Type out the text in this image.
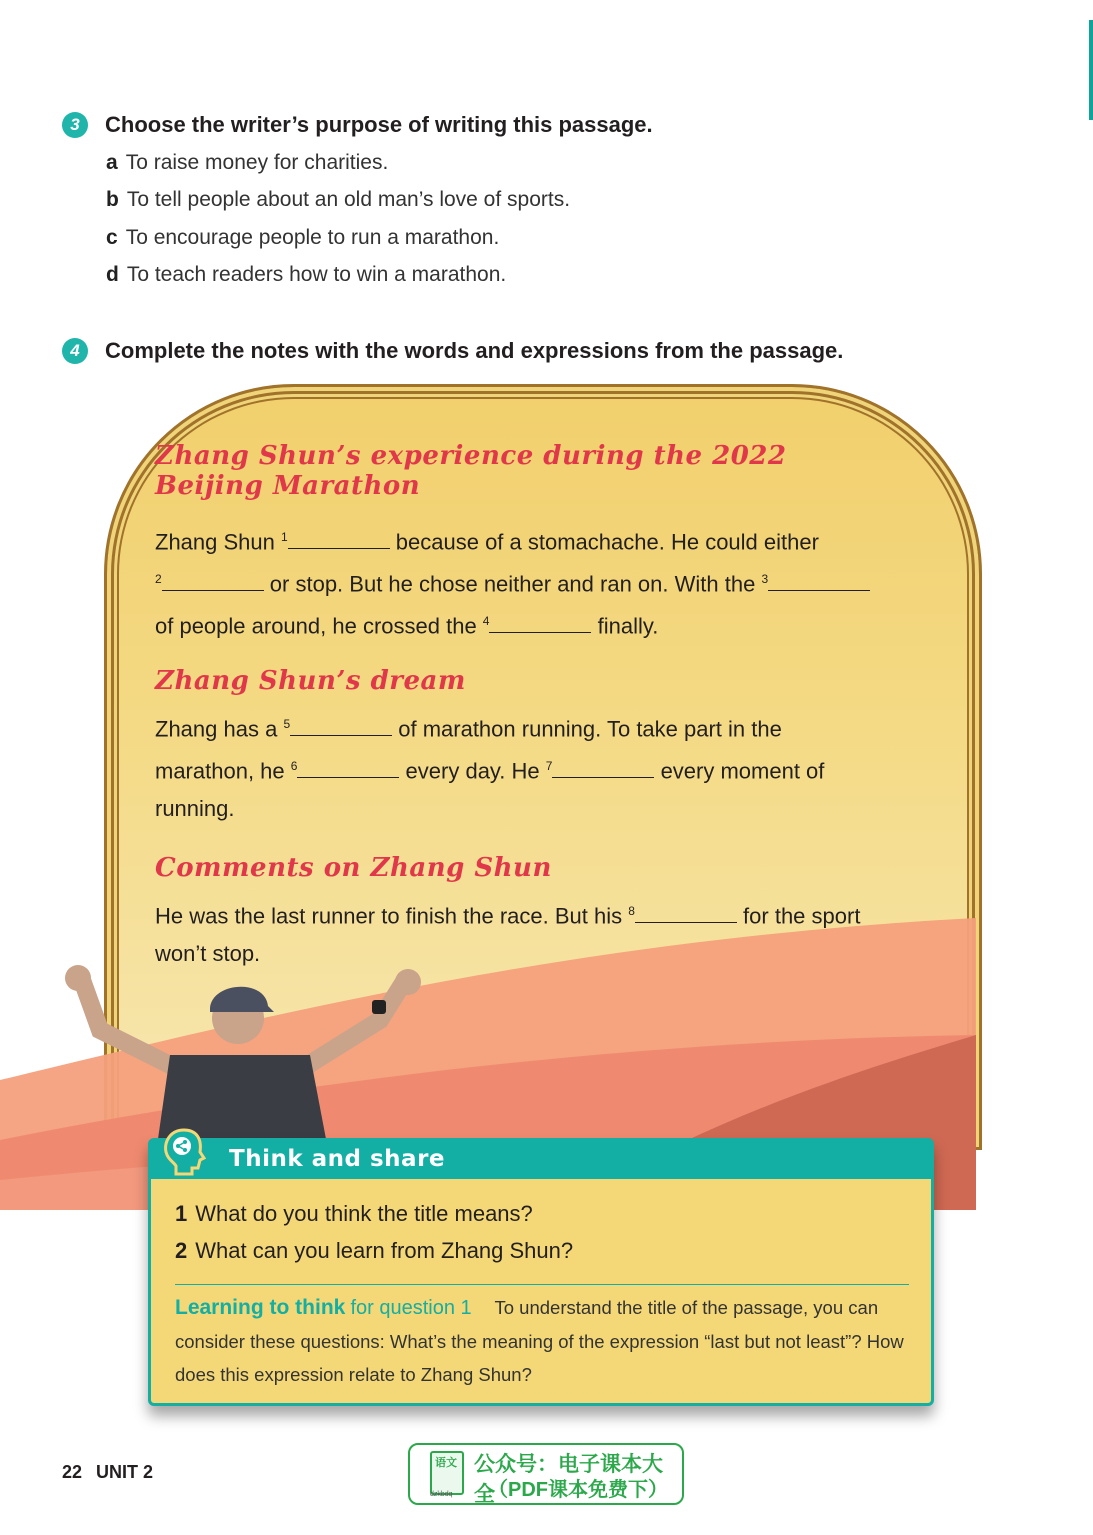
3	Choose the writer’s purpose of writing this passage.
a To raise money for charities.
b To tell people about an old man’s love of sports.
c To encourage people to run a marathon.
d To teach readers how to win a marathon.
4	Complete the notes with the words and expressions from the passage.
Zhang Shun’s experience during the 2022
Beijing Marathon
Zhang Shun $^1$	because of a stomachache. He could either
$^2$	or stop. But he chose neither and ran on. With the $^3$
of people around, he crossed the $^4$	finally.
Zhang Shun’s dream
Zhang has a $^5$	of marathon running. To take part in the
marathon, he $^6$	every day. He $^7$	every moment of
running.
Comments on Zhang Shun
He was the last runner to finish the race. But his $^8$	for the sport
won’t stop.
Think and share
1 What do you think the title means?
2 What can you learn from Zhang Shun?
Learning to think for question 1 To understand the title of the passage, you can consider these questions: What’s the meaning of the expression “last but not least”? How does this expression relate to Zhang Shun?
22 UNIT 2	语文
dzkbdq
公众号：电子课本大全
（PDF课本免费下）
